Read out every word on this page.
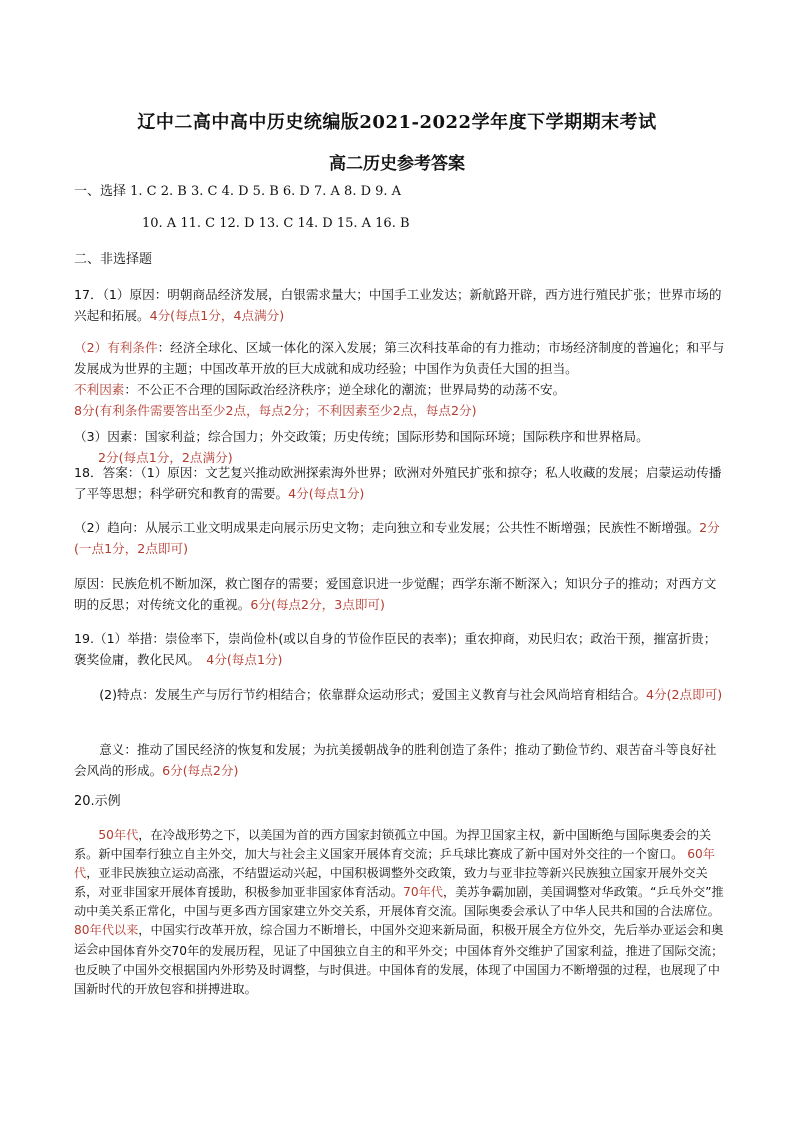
辽中二高中高中历史统编版2021-2022学年度下学期期末考试
高二历史参考答案
一、选择 1. C 2. B 3. C 4. D 5. B 6. D 7. A 8. D 9. A
10. A 11. C 12. D 13. C 14. D 15. A 16. B
二、非选择题
17．（1）原因：明朝商品经济发展，白银需求量大；中国手工业发达；新航路开辟，西方进行殖民扩张；世界市场的兴起和拓展。4分(每点1分，4点满分)
（2）有利条件：经济全球化、区域一体化的深入发展；第三次科技革命的有力推动；市场经济制度的普遍化；和平与发展成为世界的主题；中国改革开放的巨大成就和成功经验；中国作为负责任大国的担当。
不利因素：不公正不合理的国际政治经济秩序；逆全球化的潮流；世界局势的动荡不安。
8分(有利条件需要答出至少2点，每点2分；不利因素至少2点，每点2分)
（3）因素：国家利益；综合国力；外交政策；历史传统；国际形势和国际环境；国际秩序和世界格局。
2分(每点1分，2点满分)
18．答案：（1）原因：文艺复兴推动欧洲探索海外世界；欧洲对外殖民扩张和掠夺；私人收藏的发展；启蒙运动传播了平等思想；科学研究和教育的需要。4分(每点1分)
（2）趋向：从展示工业文明成果走向展示历史文物；走向独立和专业发展；公共性不断增强；民族性不断增强。2分(一点1分，2点即可)
原因：民族危机不断加深，救亡图存的需要；爱国意识进一步觉醒；西学东渐不断深入；知识分子的推动；对西方文明的反思；对传统文化的重视。6分(每点2分，3点即可)
19.（1）举措：崇俭率下，崇尚俭朴(或以自身的节俭作臣民的表率)；重农抑商，劝民归农；政治干预，摧富折贵；褒奖俭庸，教化民风。　 4分(每点1分)
(2)特点：发展生产与厉行节约相结合；依靠群众运动形式；爱国主义教育与社会风尚培育相结合。4分(2点即可)
意义：推动了国民经济的恢复和发展；为抗美援朝战争的胜利创造了条件；推动了勤俭节约、艰苦奋斗等良好社会风尚的形成。6分(每点2分)
20.示例
50年代，在冷战形势之下，以美国为首的西方国家封锁孤立中国。为捍卫国家主权，新中国断绝与国际奥委会的关系。新中国奉行独立自主外交，加大与社会主义国家开展体育交流；乒乓球比赛成了新中国对外交往的一个窗口。 60年代，亚非民族独立运动高涨，不结盟运动兴起，中国积极调整外交政策，致力与亚非拉等新兴民族独立国家开展外交关系，对亚非国家开展体育援助，积极参加亚非国家体育活动。70年代，美苏争霸加剧，美国调整对华政策。“乒乓外交”推动中美关系正常化，中国与更多西方国家建立外交关系，开展体育交流。国际奥委会承认了中华人民共和国的合法席位。80年代以来，中国实行改革开放，综合国力不断增长，中国外交迎来新局面，积极开展全方位外交，先后举办亚运会和奥运会。
中国体育外交70年的发展历程，见证了中国独立自主的和平外交；中国体育外交维护了国家利益，推进了国际交流；也反映了中国外交根据国内外形势及时调整，与时俱进。中国体育的发展，体现了中国国力不断增强的过程，也展现了中国新时代的开放包容和拼搏进取。
